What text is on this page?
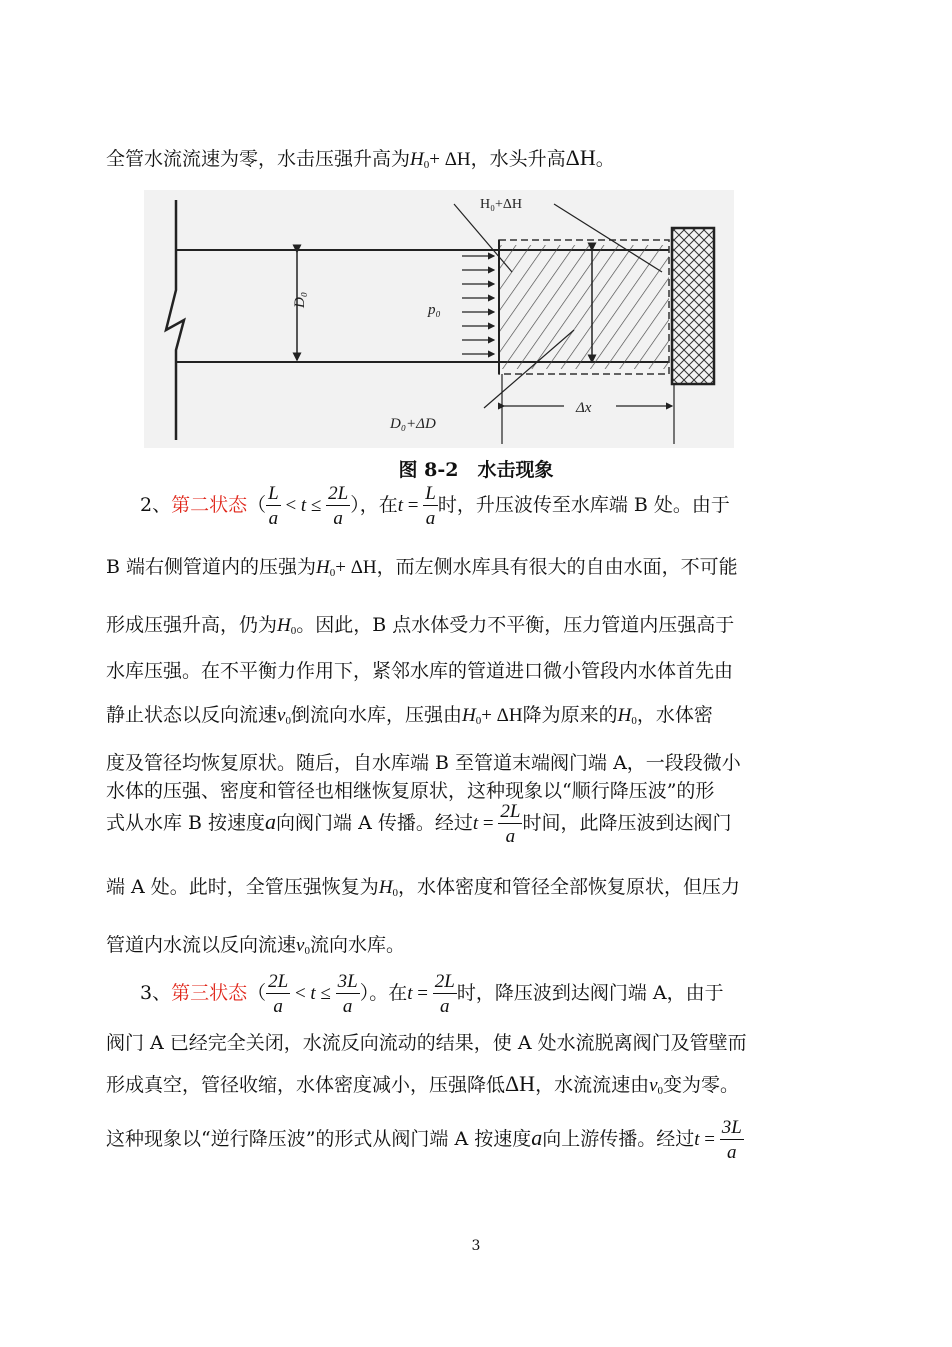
全管水流流速为零，水击压强升高为$H_0+ \Delta H$，水头升高ΔH。
H₀+ΔH
p₀
D₀
D₀+ΔD
Δx
图 8-2　水击现象
2、第二状态（ $\frac{L}{a} < t \le \frac{2L}{a}$ ），在$t = \frac{L}{a}$ 时，升压波传至水库端 B 处。由于
B 端右侧管道内的压强为$H_0+ \Delta H$，而左侧水库具有很大的自由水面，不可能
形成压强升高，仍为$H_0$。因此，B 点水体受力不平衡，压力管道内压强高于
水库压强。在不平衡力作用下，紧邻水库的管道进口微小管段内水体首先由
静止状态以反向流速$v_0$倒流向水库，压强由$H_0+ \Delta H$降为原来的$H_0$，水体密
度及管径均恢复原状。随后，自水库端 B 至管道末端阀门端 A，一段段微小
水体的压强、密度和管径也相继恢复原状，这种现象以“顺行降压波”的形
式从水库 B 按速度a向阀门端 A 传播。经过$t = \frac{2L}{a}$ 时间，此降压波到达阀门
端 A 处。此时，全管压强恢复为$H_0$，水体密度和管径全部恢复原状，但压力
管道内水流以反向流速$v_0$流向水库。
3、第三状态（ $\frac{2L}{a} < t \le \frac{3L}{a}$ ）。在$t = \frac{2L}{a}$ 时，降压波到达阀门端 A，由于
阀门 A 已经完全关闭，水流反向流动的结果，使 A 处水流脱离阀门及管壁而
形成真空，管径收缩，水体密度减小，压强降低ΔH，水流流速由$v_0$变为零。
这种现象以“逆行降压波”的形式从阀门端 A 按速度a向上游传播。经过$t = \frac{3L}{a}$
3
